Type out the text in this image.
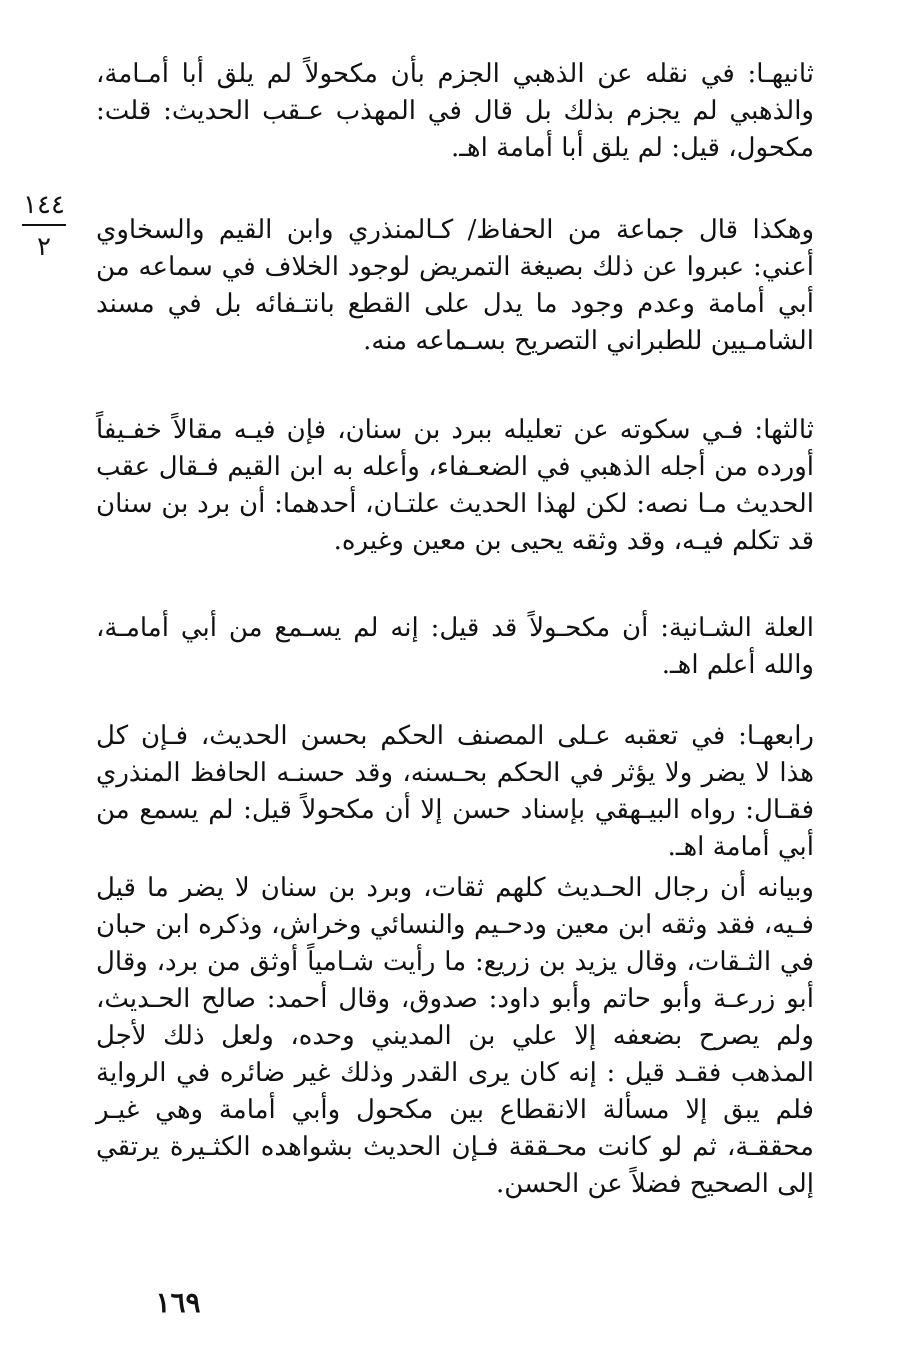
١٤٤
٢

ثانيهـا: في نقله عن الذهبي الجزم بأن مكحولاً لم يلق أبا أمـامة، والذهبي لم يجزم بذلك بل قال في المهذب عـقب الحديث: قلت: مكحول، قيل: لم يلق أبا أمامة اهـ.

وهكذا قال جماعة من الحفاظ/ كـالمنذري وابن القيم والسخاوي أعني: عبروا عن ذلك بصيغة التمريض لوجود الخلاف في سماعه من أبي أمامة وعدم وجود ما يدل على القطع بانتـفائه بل في مسند الشامـيين للطبراني التصريح بسـماعه منه.

ثالثها: فـي سكوته عن تعليله ببرد بن سنان، فإن فيـه مقالاً خفـيفاً أورده من أجله الذهبي في الضعـفاء، وأعله به ابن القيم فـقال عقب الحديث مـا نصه: لكن لهذا الحديث علتـان، أحدهما: أن برد بن سنان قد تكلم فيـه، وقد وثقه يحيى بن معين وغيره.

العلة الشـانية: أن مكحـولاً قد قيل: إنه لم يسـمع من أبي أمامـة، والله أعلم اهـ.

رابعهـا: في تعقبه عـلى المصنف الحكم بحسن الحديث، فـإن كل هذا لا يضر ولا يؤثر في الحكم بحـسنه، وقد حسنـه الحافظ المنذري فقـال: رواه البيـهقي بإسناد حسن إلا أن مكحولاً قيل: لم يسمع من أبي أمامة اهـ.

وبيانه أن رجال الحـديث كلهم ثقات، وبرد بن سنان لا يضر ما قيل فـيه، فقد وثقه ابن معين ودحـيم والنسائي وخراش، وذكره ابن حبان في الثـقات، وقال يزيد بن زريع: ما رأيت شـامياً أوثق من برد، وقال أبو زرعـة وأبو حاتم وأبو داود: صدوق، وقال أحمد: صالح الحـديث، ولم يصرح بضعفه إلا علي بن المديني وحده، ولعل ذلك لأجل المذهب فقـد قيل : إنه كان يرى القدر وذلك غير ضائره في الرواية فلم يبق إلا مسألة الانقطاع بين مكحول وأبي أمامة وهي غيـر محققـة، ثم لو كانت محـققة فـإن الحديث بشواهده الكثـيرة يرتقي إلى الصحيح فضلاً عن الحسن.

١٦٩
